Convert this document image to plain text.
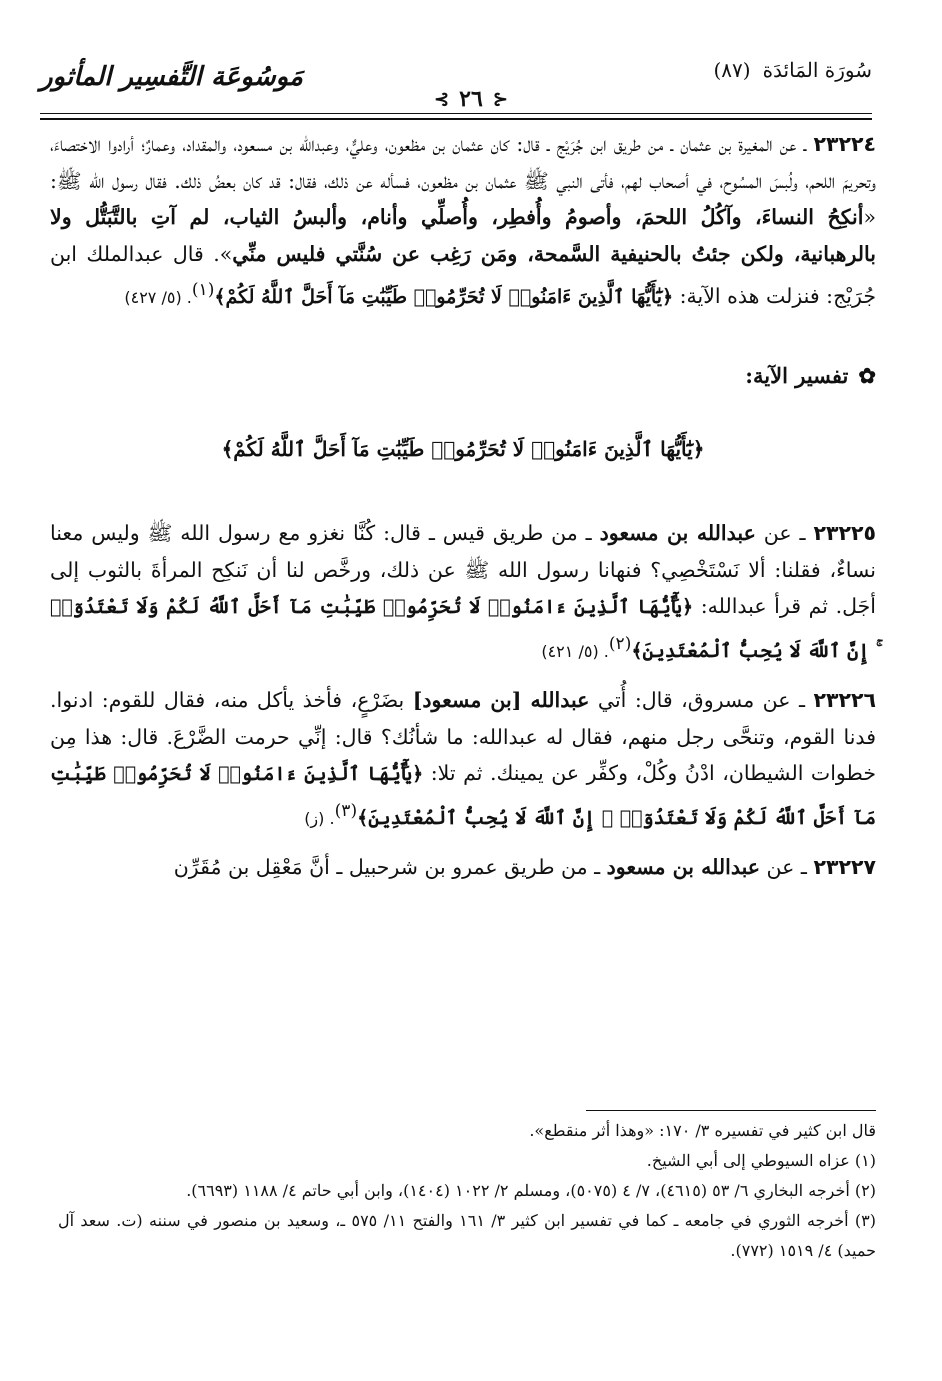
مَوسُوعَة التَّفسِير المأثور	سُورَة المَائدَة
(٨٧)
⊰ ٢٦ ⊱

٢٣٢٢٤ ـ عن المغيرة بن عثمان ـ من طريق ابن جُرَيْج ـ قال: كان عثمان بن مظعون، وعليٌّ، وعبدالله بن مسعود، والمقداد، وعمارٌ؛ أرادوا الاختصاءَ، وتحريمَ اللحم، ولُبسَ المسُوح، في أصحاب لهم، فأتى النبي ﷺ عثمان بن مظعون، فسأله عن ذلك، فقال: قد كان بعضُ ذلك. فقال رسول الله ﷺ: «أنكِحُ النساءَ، وآكُلُ اللحمَ، وأصومُ وأُفطِر، وأُصلِّي وأنام، وألبسُ الثياب، لم آتِ بالتَّبَتُّل ولا بالرهبانية، ولكن جئتُ بالحنيفية السَّمحة، ومَن رَغِب عن سُنَّتي فليس منِّي». قال عبدالملك ابن جُرَيْج: فنزلت هذه الآية: ﴿يَٰٓأَيُّهَا ٱلَّذِينَ ءَامَنُوا۟ لَا تُحَرِّمُوا۟ طَيِّبَٰتِ مَآ أَحَلَّ ٱللَّهُ لَكُمْ﴾$^{(١)}$. (٥/ ٤٢٧)

✿
تفسير الآية:
﴿يَٰٓأَيُّهَا ٱلَّذِينَ ءَامَنُوا۟ لَا تُحَرِّمُوا۟ طَيِّبَٰتِ مَآ أَحَلَّ ٱللَّهُ لَكُمْ﴾

٢٣٢٢٥ ـ عن عبدالله بن مسعود ـ من طريق قيس ـ قال: كُنَّا نغزو مع رسول الله ﷺ وليس معنا نساءٌ، فقلنا: ألا نَسْتَخْصِي؟ فنهانا رسول الله ﷺ عن ذلك، ورخَّص لنا أن نَنكِح المرأةَ بالثوب إلى أجَل. ثم قرأ عبدالله: ﴿يَٰٓأَيُّهَا ٱلَّذِينَ ءَامَنُوا۟ لَا تُحَرِّمُوا۟ طَيِّبَٰتِ مَآ أَحَلَّ ٱللَّهُ لَكُمْ وَلَا تَعْتَدُوٓا۟ ۚ إِنَّ ٱللَّهَ لَا يُحِبُّ ٱلْمُعْتَدِينَ﴾$^{(٢)}$. (٥/ ٤٢١)

٢٣٢٢٦ ـ عن مسروق، قال: أُتي عبدالله [بن مسعود] بضَرْعٍ، فأخذ يأكل منه، فقال للقوم: ادنوا. فدنا القوم، وتنحَّى رجل منهم، فقال له عبدالله: ما شأنُك؟ قال: إنِّي حرمت الضَّرْعَ. قال: هذا مِن خطوات الشيطان، ادْنُ وكُلْ، وكفِّر عن يمينك. ثم تلا: ﴿يَٰٓأَيُّهَا ٱلَّذِينَ ءَامَنُوا۟ لَا تُحَرِّمُوا۟ طَيِّبَٰتِ مَآ أَحَلَّ ٱللَّهُ لَكُمْ وَلَا تَعْتَدُوٓا۟ ۚ إِنَّ ٱللَّهَ لَا يُحِبُّ ٱلْمُعْتَدِينَ﴾$^{(٣)}$. (ز)

٢٣٢٢٧ ـ عن عبدالله بن مسعود ـ من طريق عمرو بن شرحبيل ـ أنَّ مَعْقِل بن مُقَرِّن

قال ابن كثير في تفسيره ٣/ ١٧٠: «وهذا أثر منقطع».

(١) عزاه السيوطي إلى أبي الشيخ.

(٢) أخرجه البخاري ٦/ ٥٣ (٤٦١٥)، ٧/ ٤ (٥٠٧٥)، ومسلم ٢/ ١٠٢٢ (١٤٠٤)، وابن أبي حاتم ٤/ ١١٨٨ (٦٦٩٣).

(٣) أخرجه الثوري في جامعه ـ كما في تفسير ابن كثير ٣/ ١٦١ والفتح ١١/ ٥٧٥ ـ، وسعيد بن منصور في سننه (ت. سعد آل حميد) ٤/ ١٥١٩ (٧٧٢).
